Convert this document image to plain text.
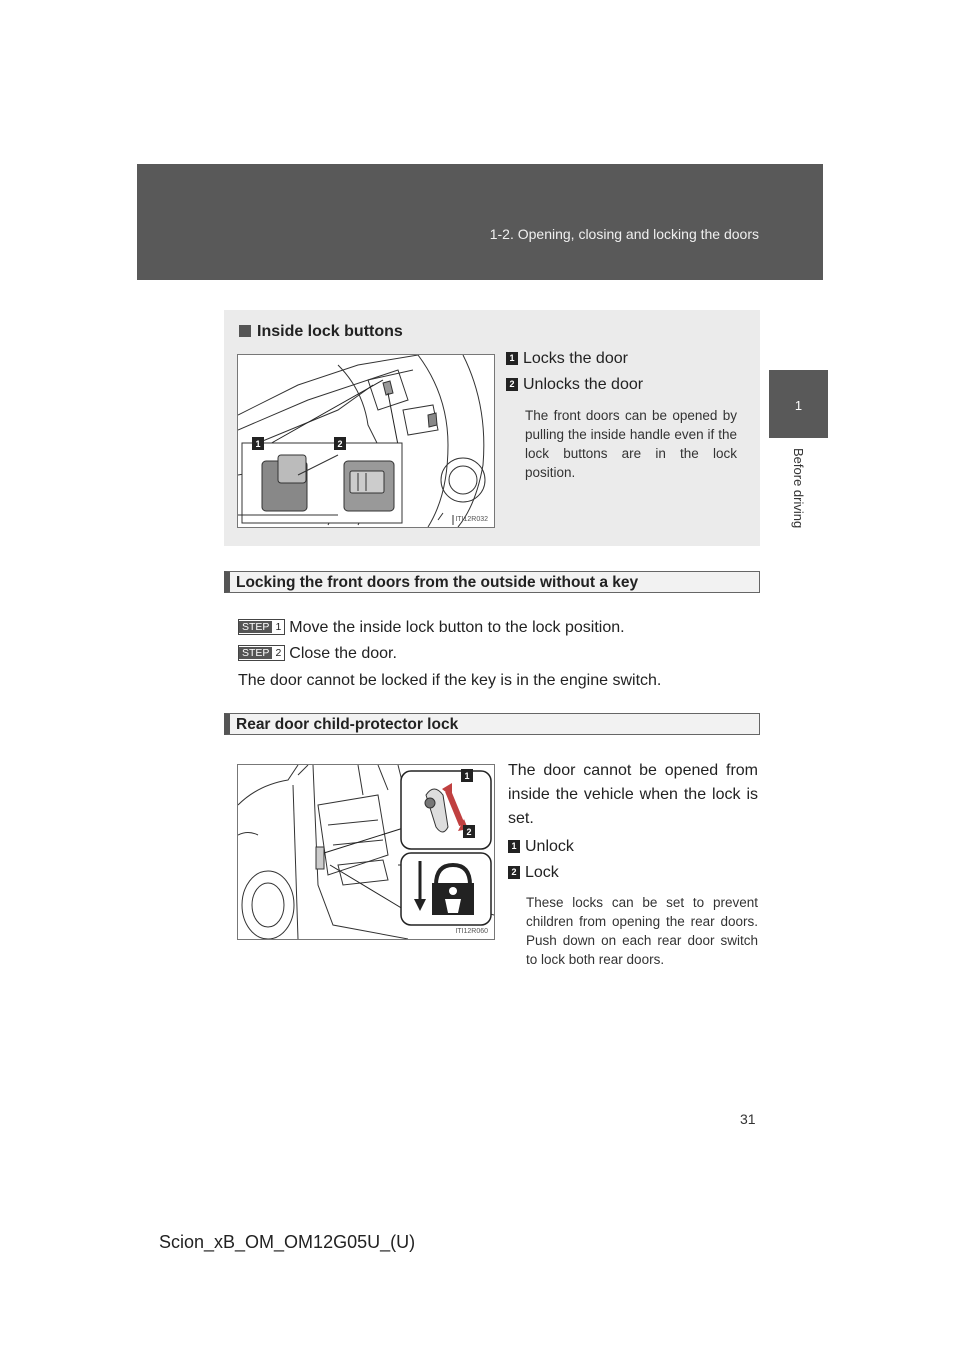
1-2. Opening, closing and locking the doors
1
Before driving
Inside lock buttons
1	2
ITI12R032
1 Locks the door
2 Unlocks the door
The front doors can be opened by pulling the inside handle even if the lock buttons are in the lock position.
Locking the front doors from the outside without a key
STEP 1 Move the inside lock button to the lock position.
STEP 2 Close the door.
The door cannot be locked if the key is in the engine switch.
Rear door child-protector lock
1
2
ITI12R060
The door cannot be opened from inside the vehicle when the lock is set.
1 Unlock
2 Lock
These locks can be set to prevent children from opening the rear doors. Push down on each rear door switch to lock both rear doors.
31
Scion_xB_OM_OM12G05U_(U)
